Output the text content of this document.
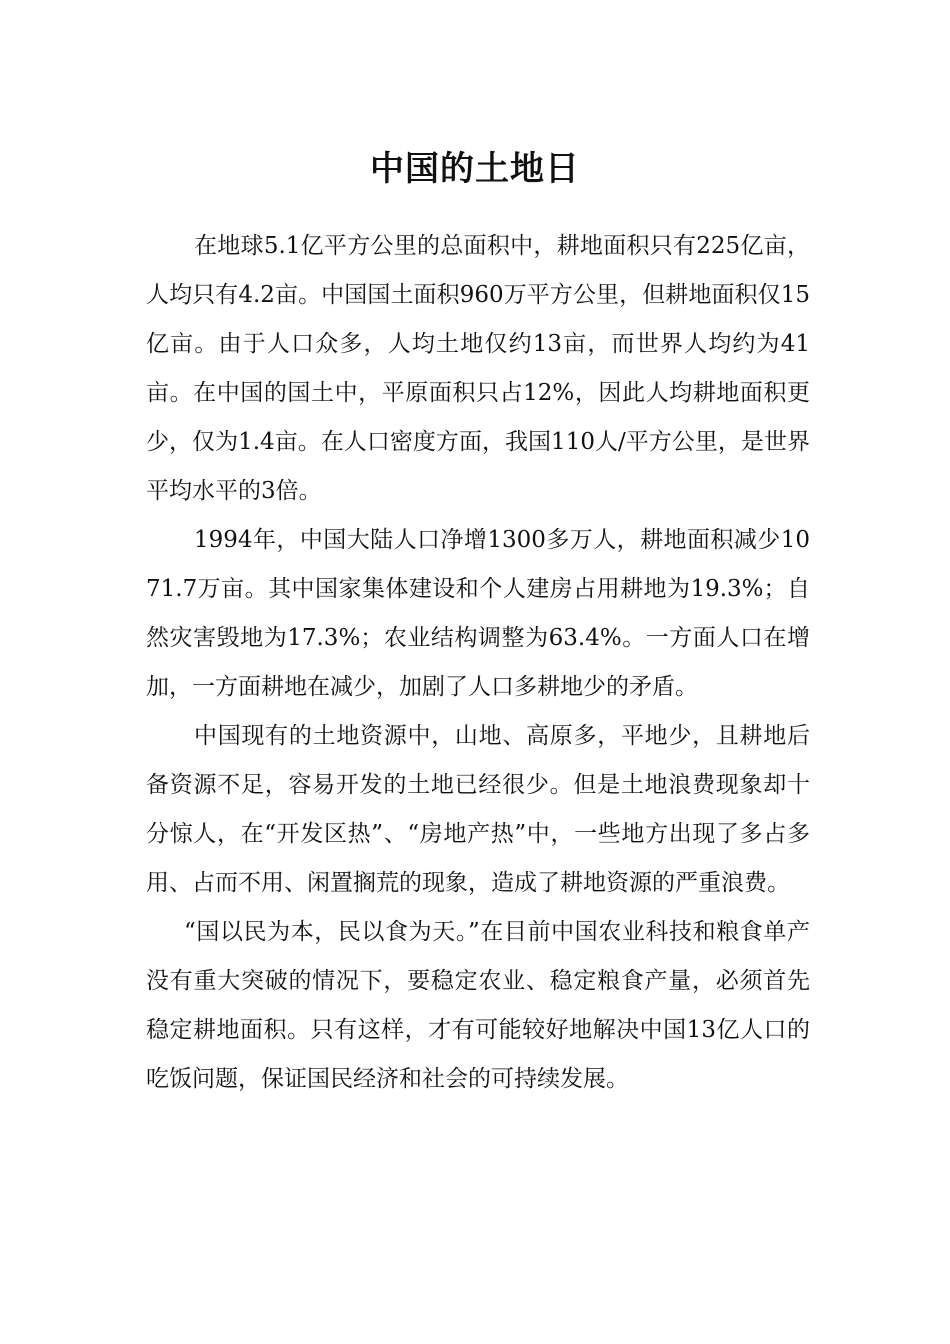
中国的土地日

在地球5.1亿平方公里的总面积中，耕地面积只有225亿亩，人均只有4.2亩。中国国土面积960万平方公里，但耕地面积仅15亿亩。由于人口众多，人均土地仅约13亩，而世界人均约为41亩。在中国的国土中，平原面积只占12%，因此人均耕地面积更少，仅为1.4亩。在人口密度方面，我国110人/平方公里，是世界平均水平的3倍。

1994年，中国大陆人口净增1300多万人，耕地面积减少1071.7万亩。其中国家集体建设和个人建房占用耕地为19.3%；自然灾害毁地为17.3%；农业结构调整为63.4%。一方面人口在增加，一方面耕地在减少，加剧了人口多耕地少的矛盾。

中国现有的土地资源中，山地、高原多，平地少，且耕地后备资源不足，容易开发的土地已经很少。但是土地浪费现象却十分惊人，在“开发区热”、“房地产热”中，一些地方出现了多占多用、占而不用、闲置搁荒的现象，造成了耕地资源的严重浪费。

“国以民为本，民以食为天。”在目前中国农业科技和粮食单产没有重大突破的情况下，要稳定农业、稳定粮食产量，必须首先稳定耕地面积。只有这样，才有可能较好地解决中国13亿人口的吃饭问题，保证国民经济和社会的可持续发展。
